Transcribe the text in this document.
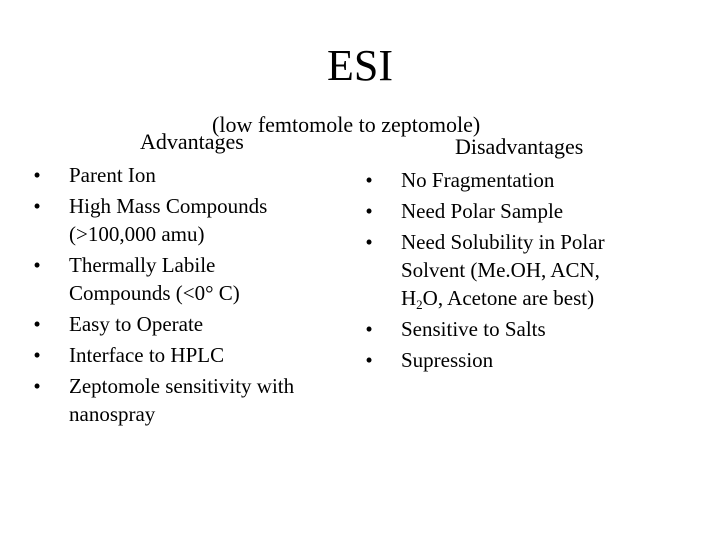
ESI
(low femtomole to zeptomole)
Advantages	Disadvantages
• Parent Ion
• High Mass Compounds
(>100,000 amu)
• Thermally Labile
Compounds (<0° C)
• Easy to Operate
• Interface to HPLC
• Zeptomole sensitivity with
nanospray
• No Fragmentation
• Need Polar Sample
• Need Solubility in Polar
Solvent (Me.OH, ACN,
$H_2O$, Acetone are best)
• Sensitive to Salts
• Supression
